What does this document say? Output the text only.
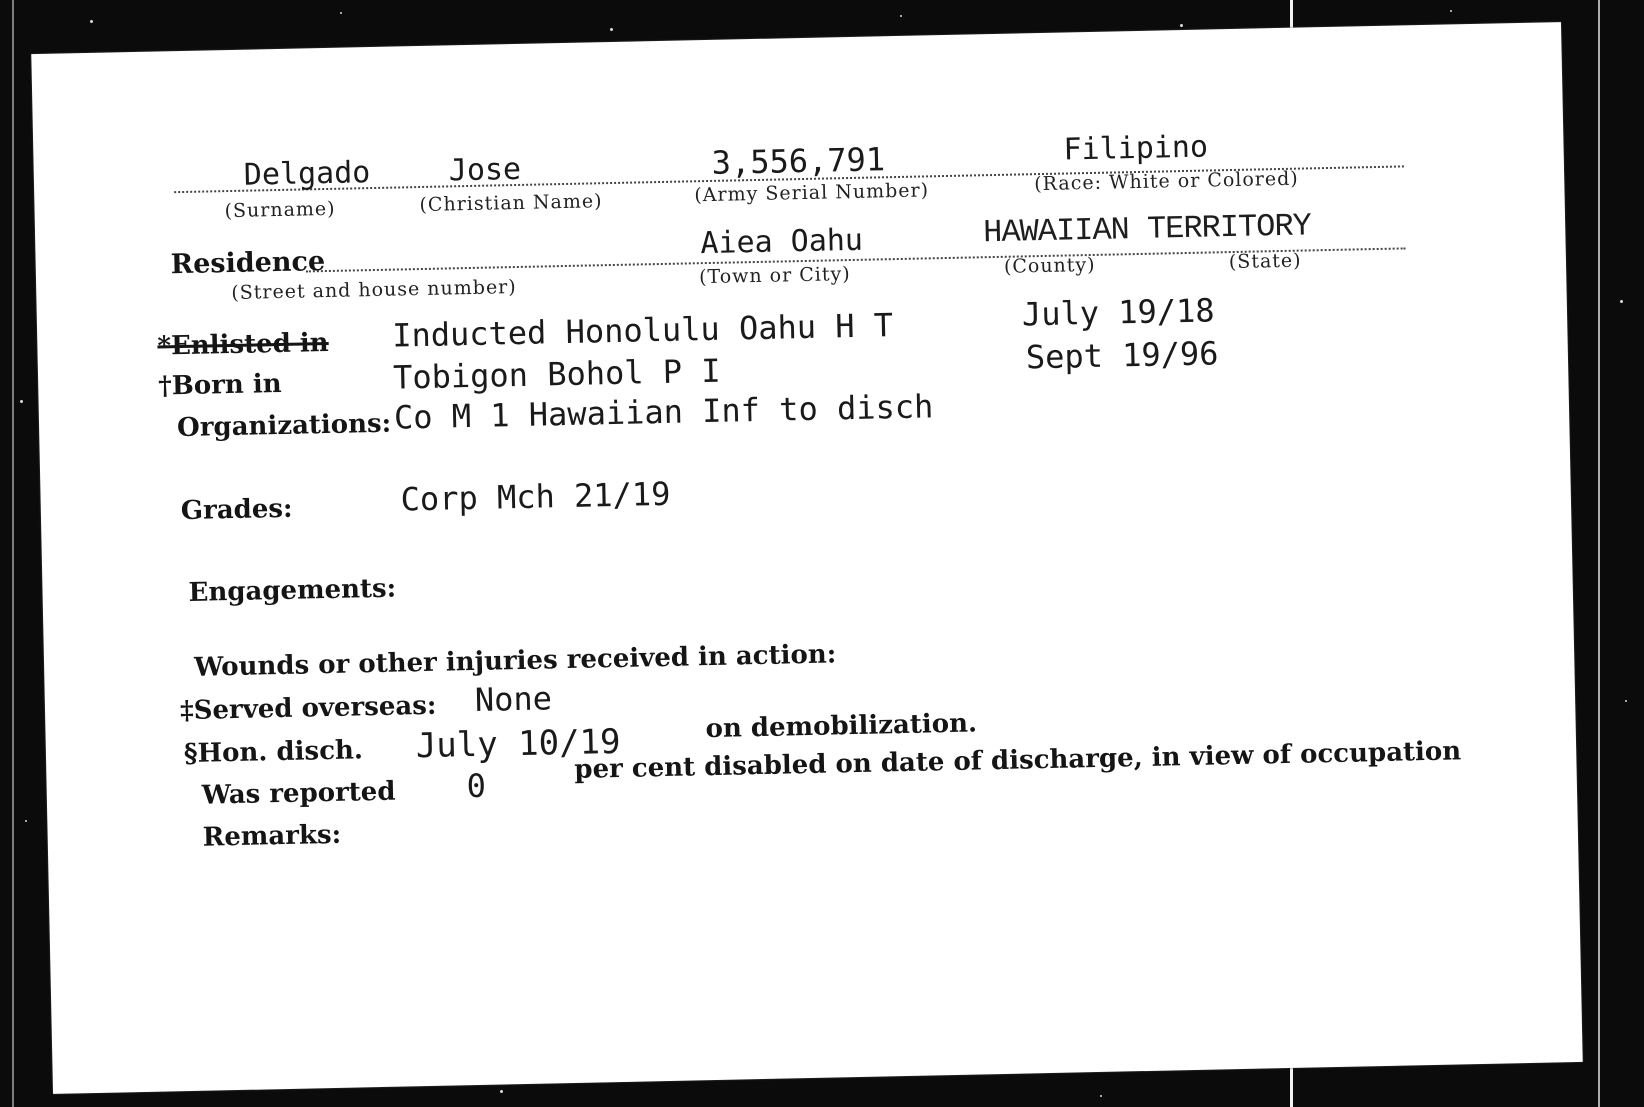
Delgado	Jose	3,556,791	Filipino
(Surname)	(Christian Name)	(Army Serial Number)	(Race: White or Colored)
Residence
Aiea Oahu	HAWAIIAN TERRITORY
(Street and house number)
(Town or City)	(County)	(State)
*Enlisted in Inducted Honolulu Oahu H T	July 19/18
†Born in	Tobigon Bohol P I	Sept 19/96
Organizations: Co M 1 Hawaiian Inf to disch
Grades:	Corp Mch 21/19
Engagements:
Wounds or other injuries received in action:
‡Served overseas: None
§Hon. disch. July 10/19	on demobilization.
Was reported 0
per cent disabled on date of discharge, in view of occupation
Remarks:
